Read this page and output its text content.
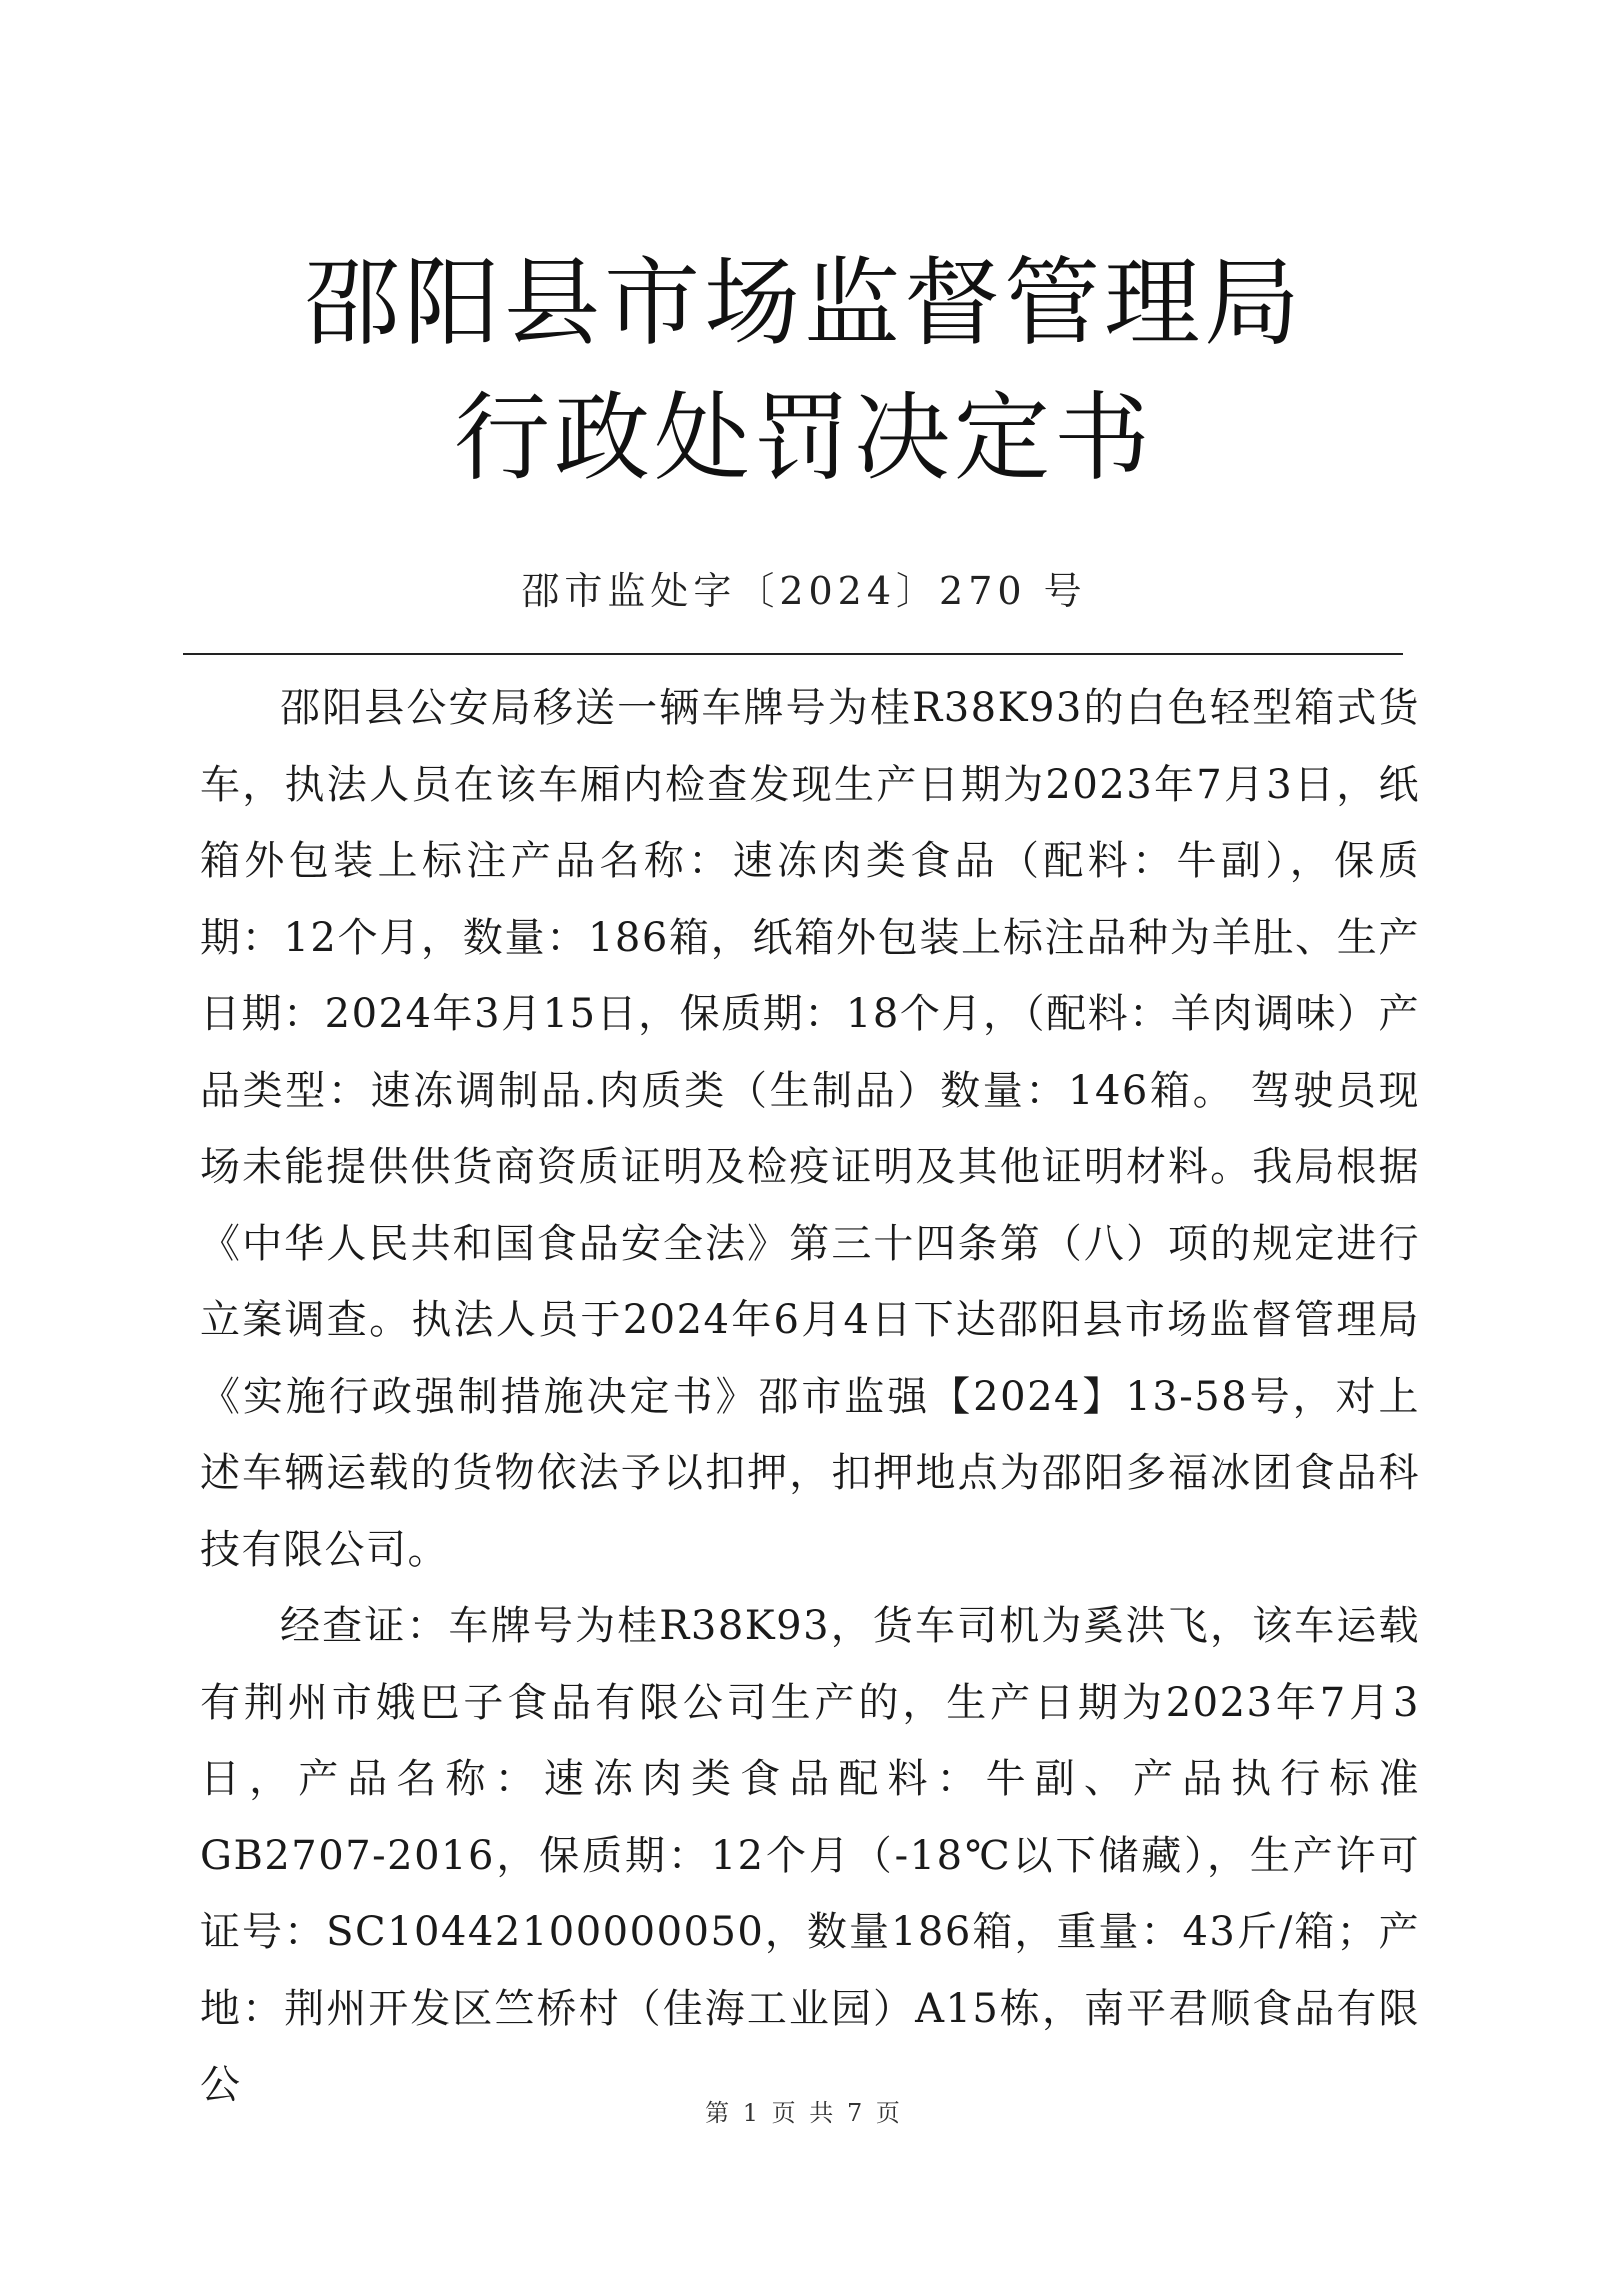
邵阳县市场监督管理局
行政处罚决定书
邵市监处字〔2024〕270 号

邵阳县公安局移送一辆车牌号为桂R38K93的白色轻型箱式货车，执法人员在该车厢内检查发现生产日期为2023年7月3日，纸箱外包装上标注产品名称：速冻肉类食品（配料：牛副），保质期：12个月，数量：186箱，纸箱外包装上标注品种为羊肚、生产日期：2024年3月15日，保质期：18个月，（配料：羊肉调味）产品类型：速冻调制品.肉质类（生制品）数量：146箱。 驾驶员现场未能提供供货商资质证明及检疫证明及其他证明材料。我局根据《中华人民共和国食品安全法》第三十四条第（八）项的规定进行立案调查。执法人员于2024年6月4日下达邵阳县市场监督管理局《实施行政强制措施决定书》邵市监强【2024】13-58号，对上述车辆运载的货物依法予以扣押，扣押地点为邵阳多福冰团食品科技有限公司。

经查证：车牌号为桂R38K93，货车司机为奚洪飞，该车运载有荆州市娥巴子食品有限公司生产的，生产日期为2023年7月3日，产品名称：速冻肉类食品配料：牛副、产品执行标准GB2707-2016，保质期：12个月（-18℃以下储藏），生产许可证号：SC10442100000050，数量186箱，重量：43斤/箱；产地：荆州开发区竺桥村（佳海工业园）A15栋，南平君顺食品有限公

第 1 页 共 7 页
